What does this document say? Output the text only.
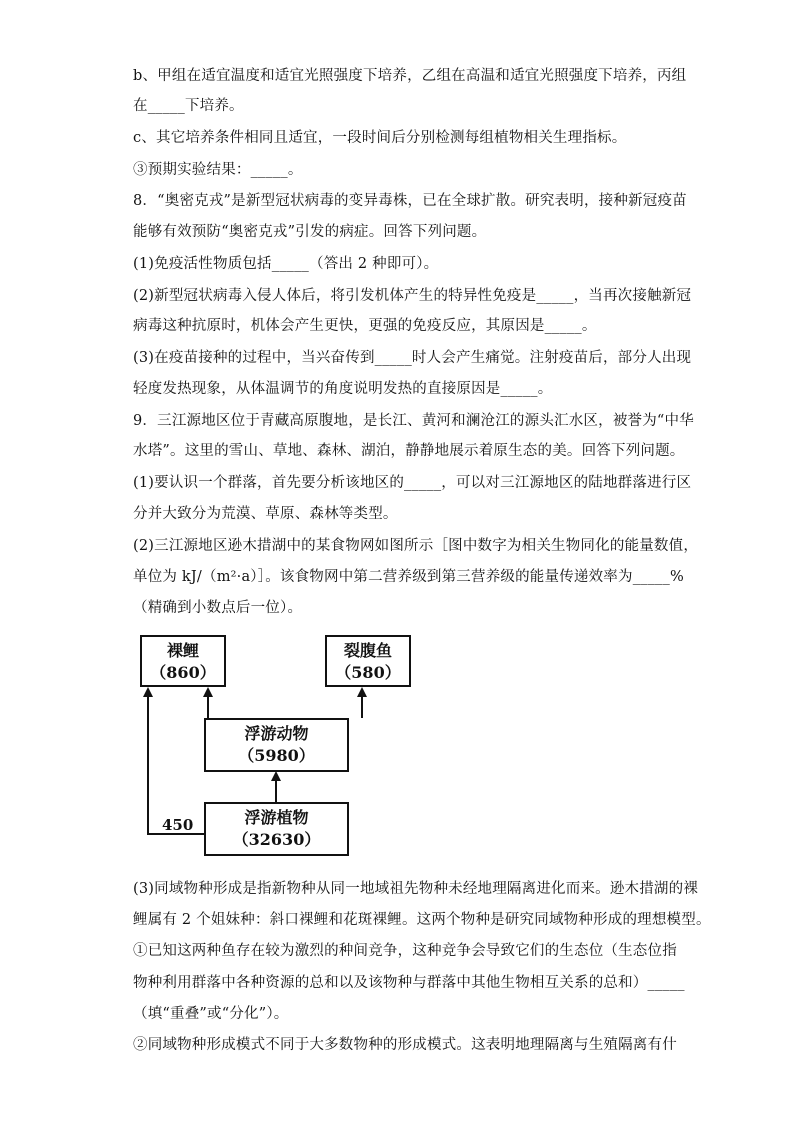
b、甲组在适宜温度和适宜光照强度下培养，乙组在高温和适宜光照强度下培养，丙组
在_____下培养。
c、其它培养条件相同且适宜，一段时间后分别检测每组植物相关生理指标。
③预期实验结果：_____。
8．“奥密克戎”是新型冠状病毒的变异毒株，已在全球扩散。研究表明，接种新冠疫苗
能够有效预防“奥密克戎”引发的病症。回答下列问题。
(1)免疫活性物质包括_____（答出 2 种即可）。
(2)新型冠状病毒入侵人体后，将引发机体产生的特异性免疫是_____，当再次接触新冠
病毒这种抗原时，机体会产生更快，更强的免疫反应，其原因是_____。
(3)在疫苗接种的过程中，当兴奋传到_____时人会产生痛觉。注射疫苗后，部分人出现
轻度发热现象，从体温调节的角度说明发热的直接原因是_____。
9．三江源地区位于青藏高原腹地，是长江、黄河和澜沧江的源头汇水区，被誉为“中华
水塔”。这里的雪山、草地、森林、湖泊，静静地展示着原生态的美。回答下列问题。
(1)要认识一个群落，首先要分析该地区的_____，可以对三江源地区的陆地群落进行区
分并大致分为荒漠、草原、森林等类型。
(2)三江源地区逊木措湖中的某食物网如图所示［图中数字为相关生物同化的能量数值，
单位为 kJ/（m²·a）］。该食物网中第二营养级到第三营养级的能量传递效率为_____%
（精确到小数点后一位）。
裸鲤
（860）
裂腹鱼
（580）
浮游动物
（5980）
浮游植物
（32630）
450
(3)同域物种形成是指新物种从同一地域祖先物种未经地理隔离进化而来。逊木措湖的裸
鲤属有 2 个姐妹种：斜口裸鲤和花斑裸鲤。这两个物种是研究同域物种形成的理想模型。
①已知这两种鱼存在较为激烈的种间竞争，这种竞争会导致它们的生态位（生态位指
物种利用群落中各种资源的总和以及该物种与群落中其他生物相互关系的总和）_____
（填“重叠”或“分化”）。
②同域物种形成模式不同于大多数物种的形成模式。这表明地理隔离与生殖隔离有什
